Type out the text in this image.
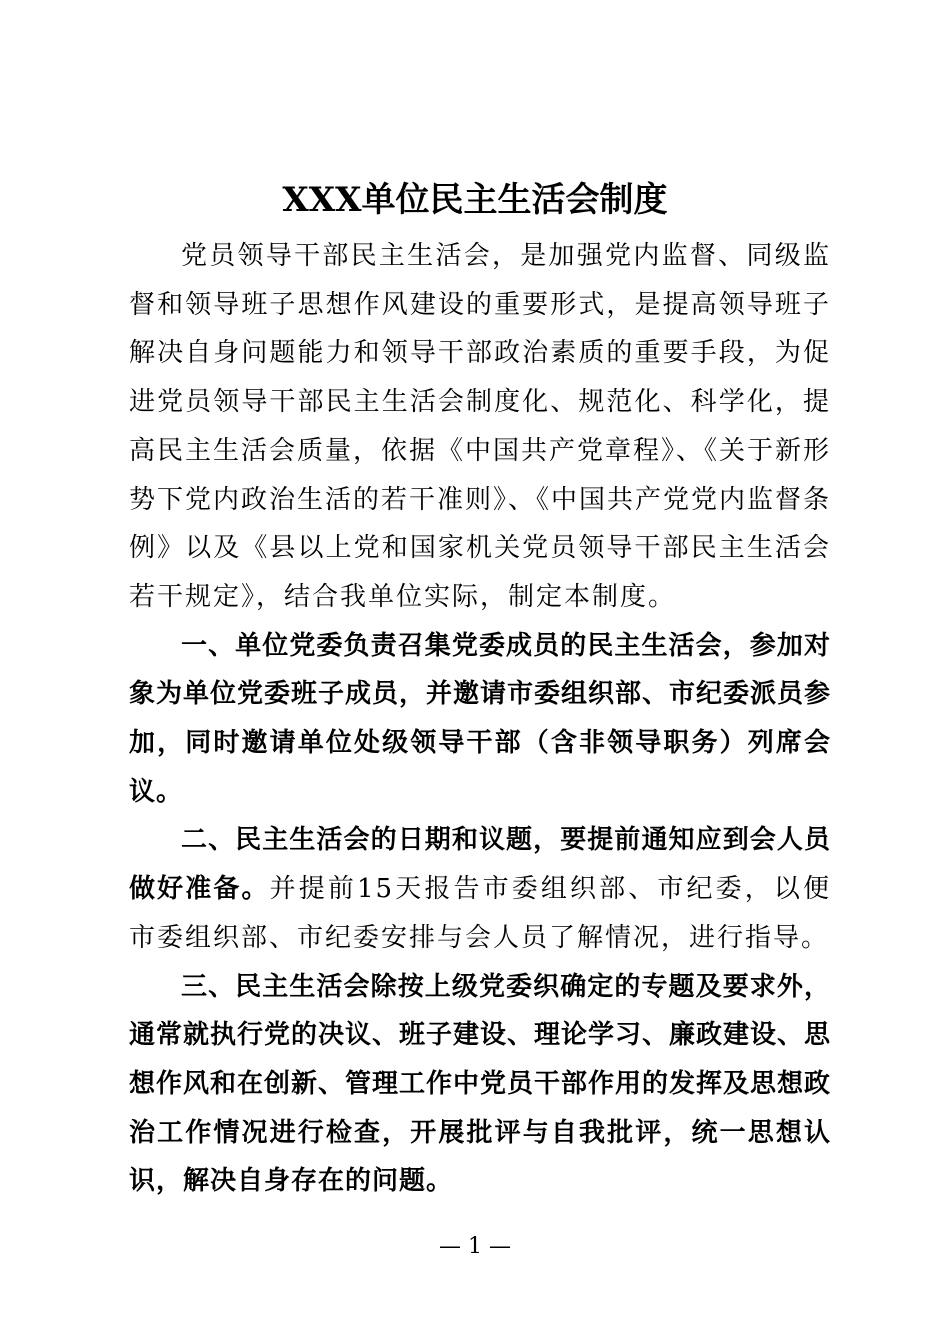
XXX单位民主生活会制度

党员领导干部民主生活会，是加强党内监督、同级监督和领导班子思想作风建设的重要形式，是提高领导班子解决自身问题能力和领导干部政治素质的重要手段，为促进党员领导干部民主生活会制度化、规范化、科学化，提高民主生活会质量，依据《中国共产党章程》、《关于新形势下党内政治生活的若干准则》、《中国共产党党内监督条例》以及《县以上党和国家机关党员领导干部民主生活会若干规定》，结合我单位实际，制定本制度。

一、单位党委负责召集党委成员的民主生活会，参加对象为单位党委班子成员，并邀请市委组织部、市纪委派员参加，同时邀请单位处级领导干部（含非领导职务）列席会议。

二、民主生活会的日期和议题，要提前通知应到会人员做好准备。并提前15天报告市委组织部、市纪委，以便市委组织部、市纪委安排与会人员了解情况，进行指导。

三、民主生活会除按上级党委织确定的专题及要求外，通常就执行党的决议、班子建设、理论学习、廉政建设、思想作风和在创新、管理工作中党员干部作用的发挥及思想政治工作情况进行检查，开展批评与自我批评，统一思想认识，解决自身存在的问题。

— 1 —
